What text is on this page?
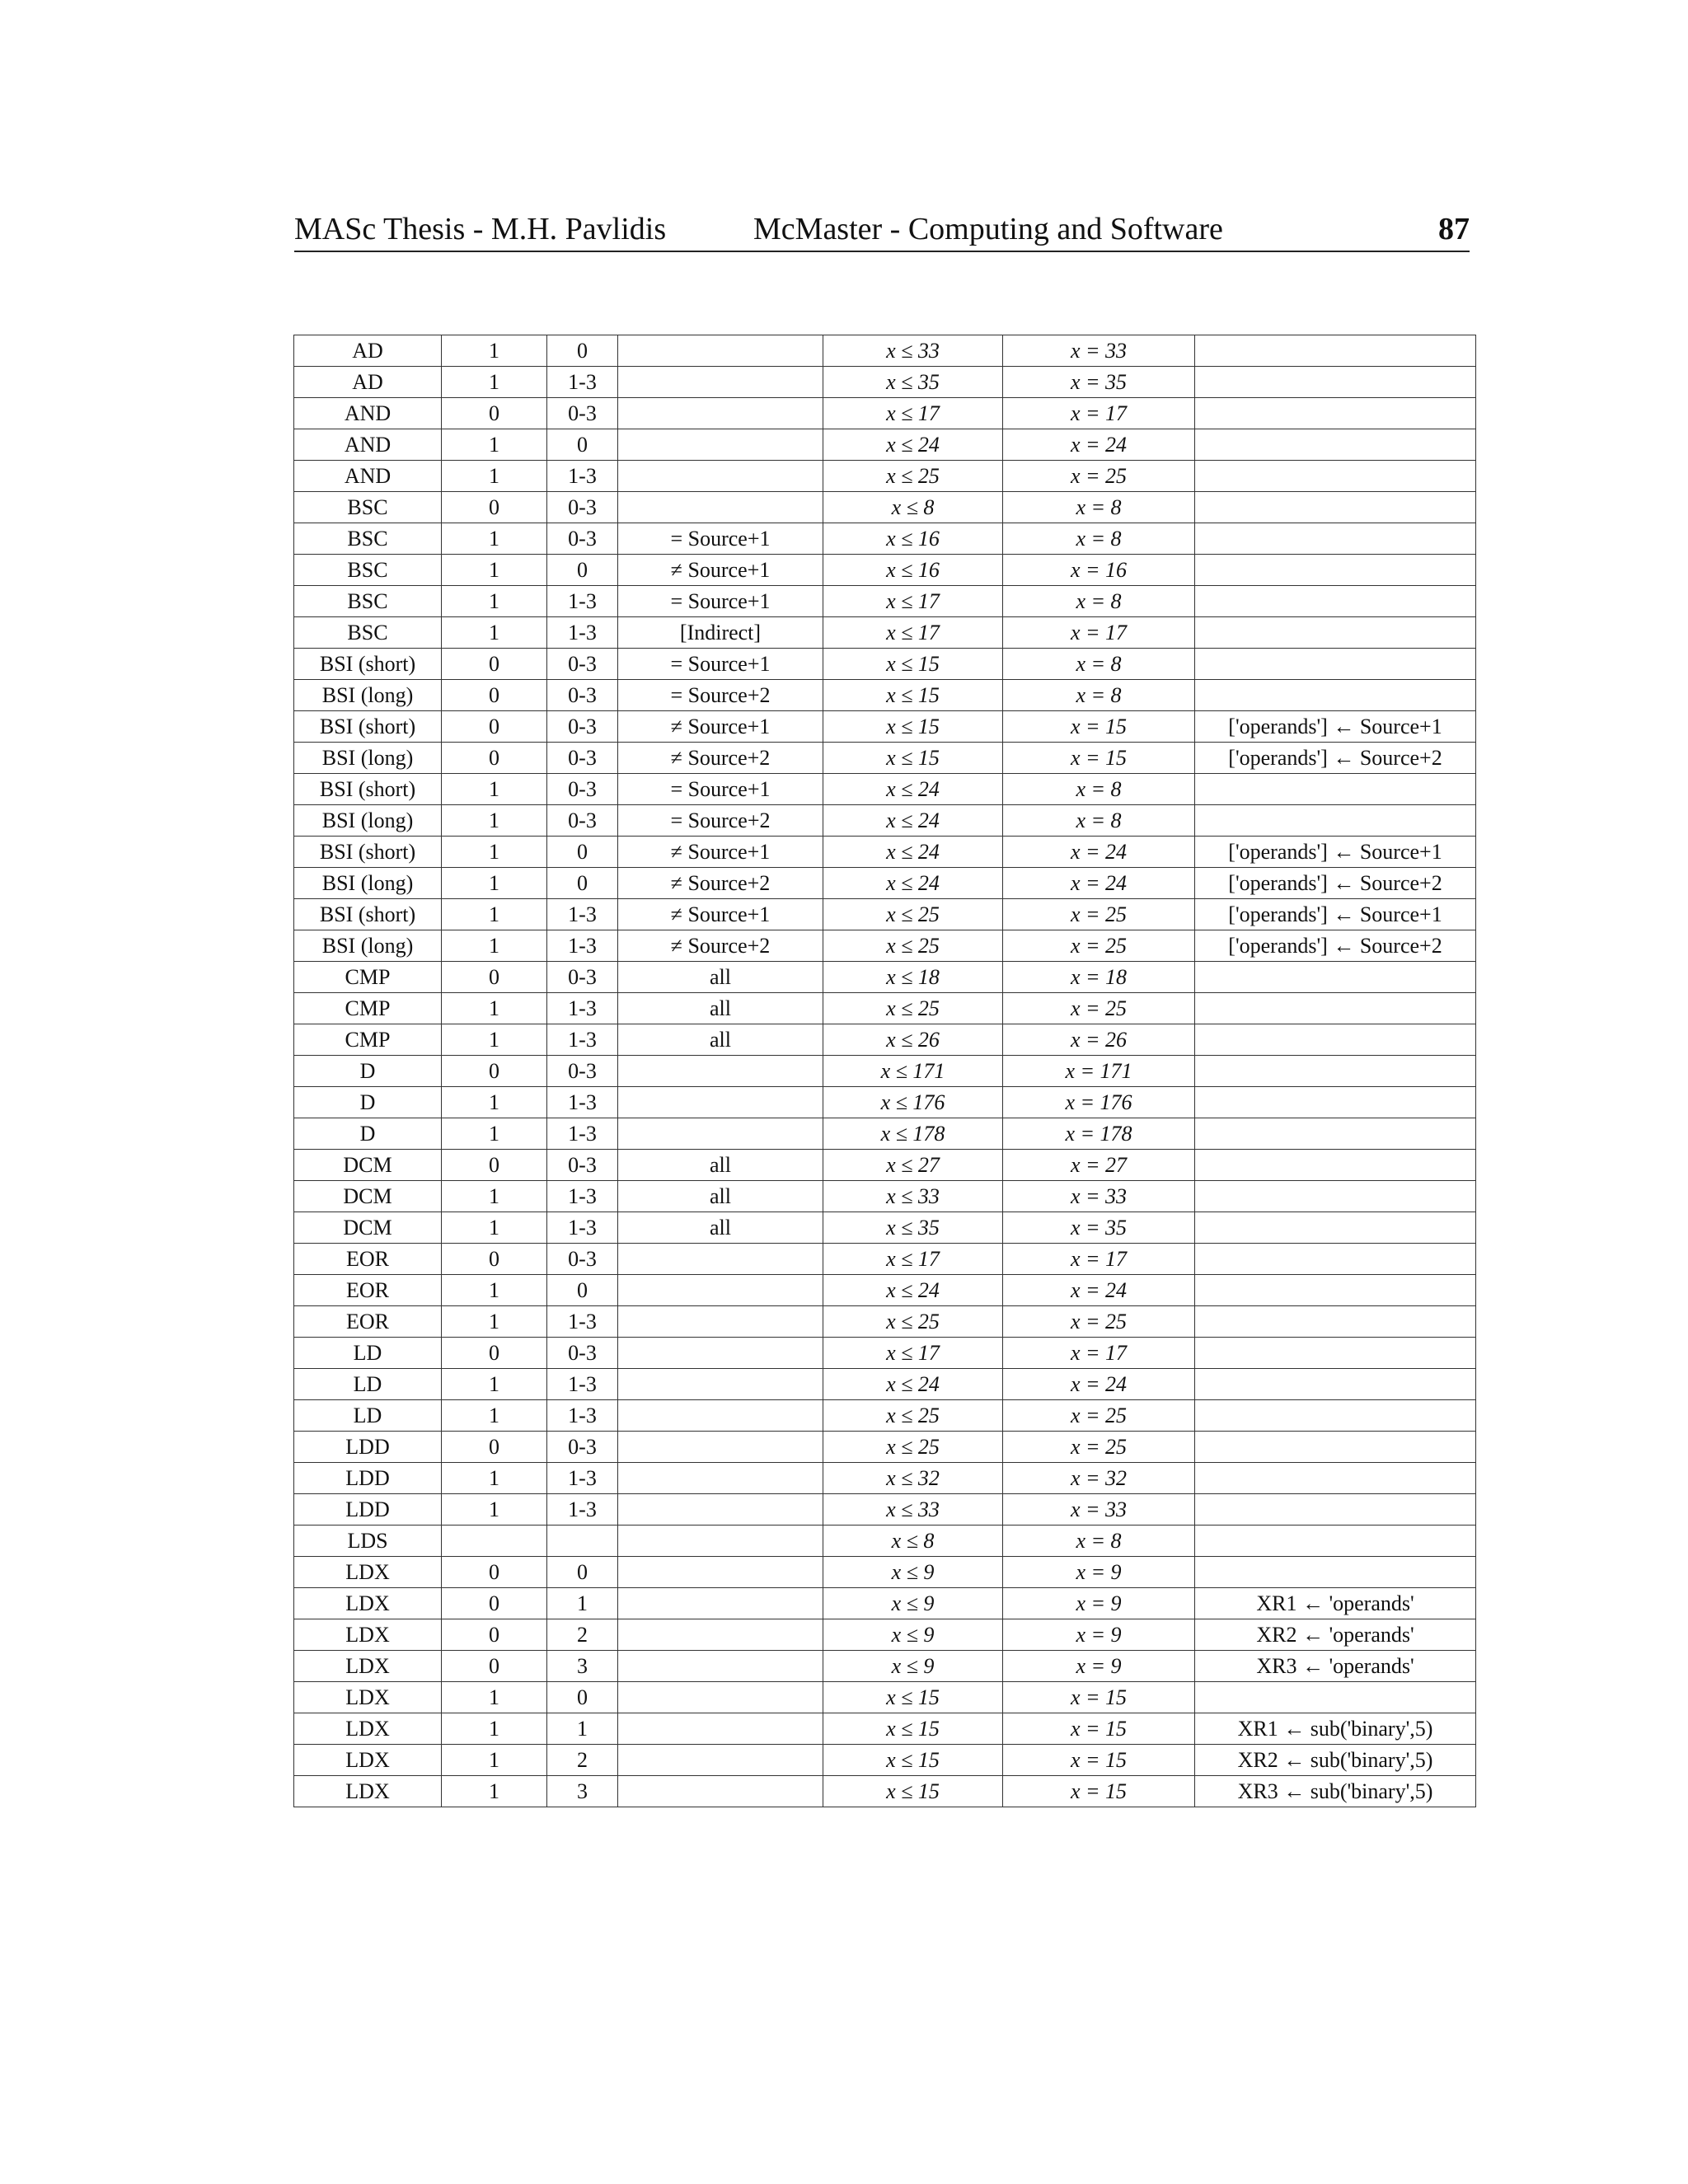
MASc Thesis - M.H. Pavlidis	McMaster - Computing and Software	87
AD	1	0		x ≤ 33	x = 33	
AD	1	1-3		x ≤ 35	x = 35	
AND	0	0-3		x ≤ 17	x = 17	
AND	1	0		x ≤ 24	x = 24	
AND	1	1-3		x ≤ 25	x = 25	
BSC	0	0-3		x ≤ 8	x = 8	
BSC	1	0-3	= Source+1	x ≤ 16	x = 8	
BSC	1	0	≠ Source+1	x ≤ 16	x = 16	
BSC	1	1-3	= Source+1	x ≤ 17	x = 8	
BSC	1	1-3	[Indirect]	x ≤ 17	x = 17	
BSI (short)	0	0-3	= Source+1	x ≤ 15	x = 8	
BSI (long)	0	0-3	= Source+2	x ≤ 15	x = 8	
BSI (short)	0	0-3	≠ Source+1	x ≤ 15	x = 15	['operands'] ← Source+1
BSI (long)	0	0-3	≠ Source+2	x ≤ 15	x = 15	['operands'] ← Source+2
BSI (short)	1	0-3	= Source+1	x ≤ 24	x = 8	
BSI (long)	1	0-3	= Source+2	x ≤ 24	x = 8	
BSI (short)	1	0	≠ Source+1	x ≤ 24	x = 24	['operands'] ← Source+1
BSI (long)	1	0	≠ Source+2	x ≤ 24	x = 24	['operands'] ← Source+2
BSI (short)	1	1-3	≠ Source+1	x ≤ 25	x = 25	['operands'] ← Source+1
BSI (long)	1	1-3	≠ Source+2	x ≤ 25	x = 25	['operands'] ← Source+2
CMP	0	0-3	all	x ≤ 18	x = 18	
CMP	1	1-3	all	x ≤ 25	x = 25	
CMP	1	1-3	all	x ≤ 26	x = 26	
D	0	0-3		x ≤ 171	x = 171	
D	1	1-3		x ≤ 176	x = 176	
D	1	1-3		x ≤ 178	x = 178	
DCM	0	0-3	all	x ≤ 27	x = 27	
DCM	1	1-3	all	x ≤ 33	x = 33	
DCM	1	1-3	all	x ≤ 35	x = 35	
EOR	0	0-3		x ≤ 17	x = 17	
EOR	1	0		x ≤ 24	x = 24	
EOR	1	1-3		x ≤ 25	x = 25	
LD	0	0-3		x ≤ 17	x = 17	
LD	1	1-3		x ≤ 24	x = 24	
LD	1	1-3		x ≤ 25	x = 25	
LDD	0	0-3		x ≤ 25	x = 25	
LDD	1	1-3		x ≤ 32	x = 32	
LDD	1	1-3		x ≤ 33	x = 33	
LDS				x ≤ 8	x = 8	
LDX	0	0		x ≤ 9	x = 9	
LDX	0	1		x ≤ 9	x = 9	XR1 ← 'operands'
LDX	0	2		x ≤ 9	x = 9	XR2 ← 'operands'
LDX	0	3		x ≤ 9	x = 9	XR3 ← 'operands'
LDX	1	0		x ≤ 15	x = 15	
LDX	1	1		x ≤ 15	x = 15	XR1 ← sub('binary',5)
LDX	1	2		x ≤ 15	x = 15	XR2 ← sub('binary',5)
LDX	1	3		x ≤ 15	x = 15	XR3 ← sub('binary',5)
